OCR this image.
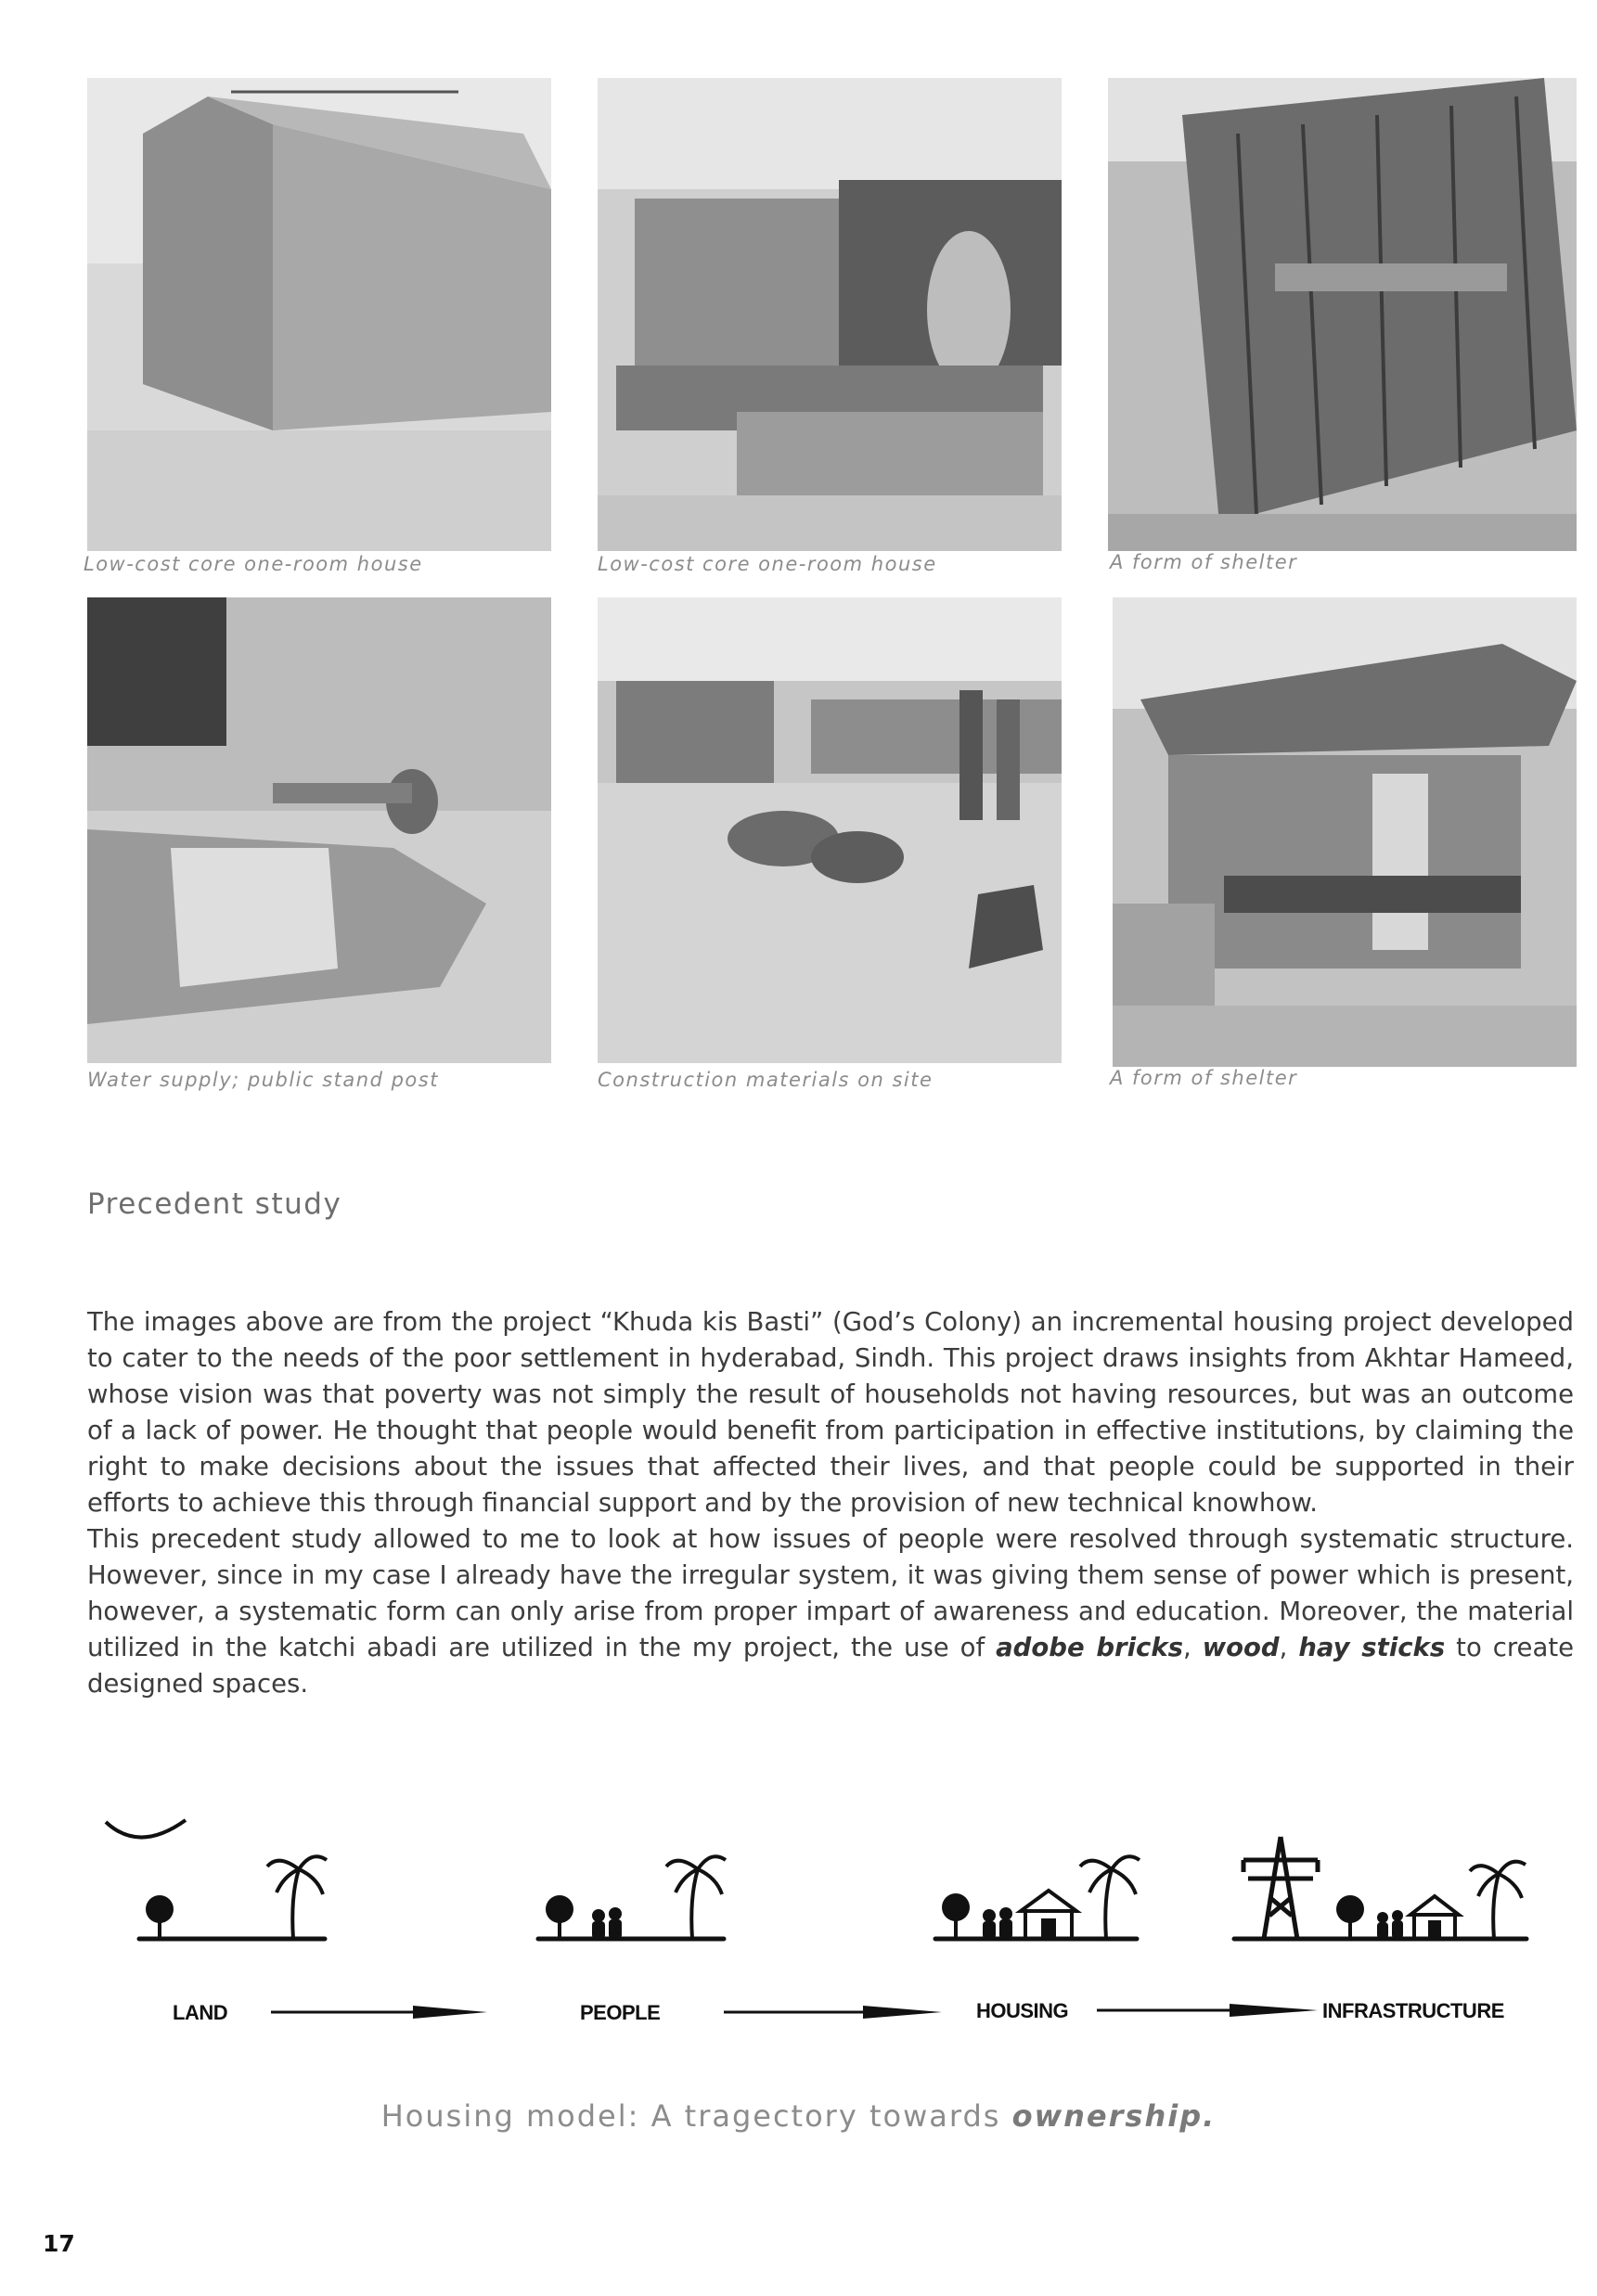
Low-cost core one-room house	Low-cost core one-room house	A form of shelter
Water supply; public stand post	Construction materials on site	A form of shelter
Precedent study

The images above are from the project “Khuda kis Basti” (God’s Colony) an incremental housing project developed to cater to the needs of the poor settlement in hyderabad, Sindh. This project draws insights from Akhtar Hameed, whose vision was that poverty was not simply the result of households not having resources, but was an outcome of a lack of power. He thought that people would benefit from participation in effective institutions, by claiming the right to make decisions about the issues that affected their lives, and that people could be supported in their efforts to achieve this through financial support and by the provision of new technical knowhow.

This precedent study allowed to me to look at how issues of people were resolved through systematic structure. However, since in my case I already have the irregular system, it was giving them sense of power which is present, however, a systematic form can only arise from proper impart of awareness and education. Moreover, the material utilized in the katchi abadi are utilized in the my project, the use of adobe bricks, wood, hay sticks to create designed spaces.

LAND	PEOPLE	HOUSING	INFRASTRUCTURE
Housing model: A tragectory towards ownership.
17
